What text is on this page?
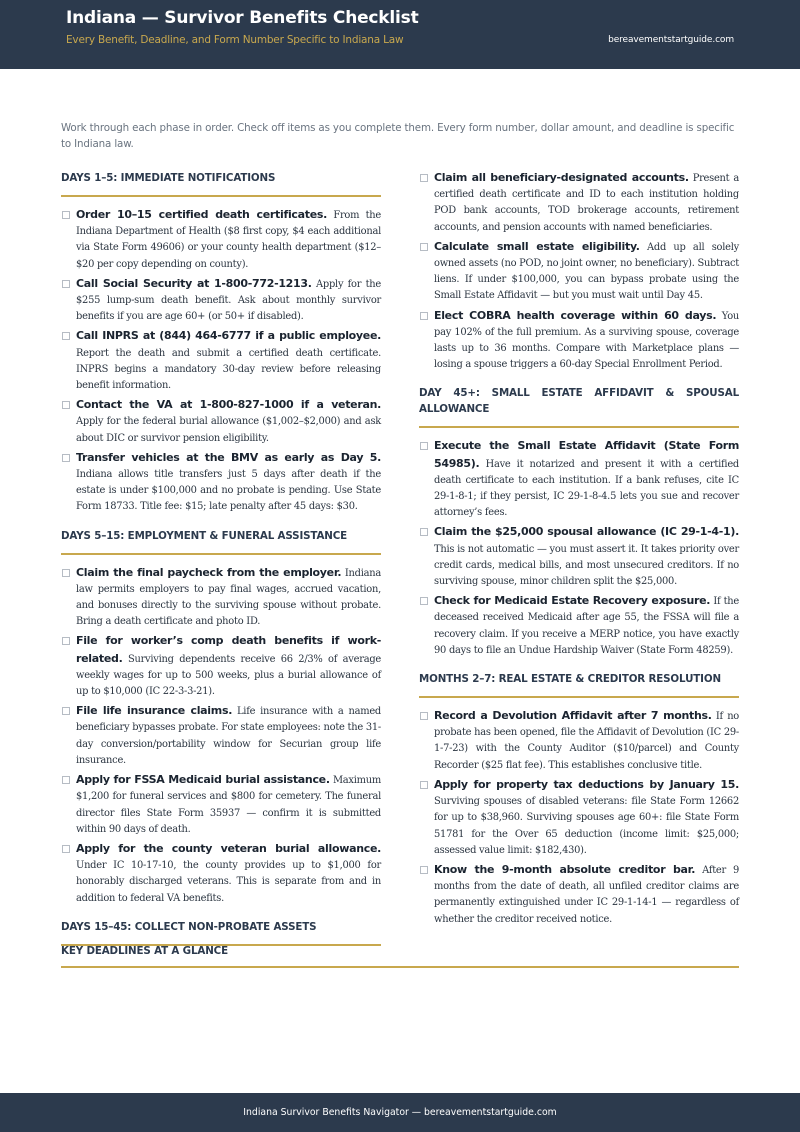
Indiana — Survivor Benefits Checklist
Every Benefit, Deadline, and Form Number Specific to Indiana Law	bereavementstartguide.com
Work through each phase in order. Check off items as you complete them. Every form number, dollar amount, and deadline is specific to Indiana law.
DAYS 1–5: IMMEDIATE NOTIFICATIONS
Order 10–15 certified death certificates. From the Indiana Department of Health ($8 first copy, $4 each additional via State Form 49606) or your county health department ($12–$20 per copy depending on county).
Call Social Security at 1-800-772-1213. Apply for the $255 lump-sum death benefit. Ask about monthly survivor benefits if you are age 60+ (or 50+ if disabled).
Call INPRS at (844) 464-6777 if a public employee. Report the death and submit a certified death certificate. INPRS begins a mandatory 30-day review before releasing benefit information.
Contact the VA at 1-800-827-1000 if a veteran. Apply for the federal burial allowance ($1,002–$2,000) and ask about DIC or survivor pension eligibility.
Transfer vehicles at the BMV as early as Day 5. Indiana allows title transfers just 5 days after death if the estate is under $100,000 and no probate is pending. Use State Form 18733. Title fee: $15; late penalty after 45 days: $30.
DAYS 5–15: EMPLOYMENT & FUNERAL ASSISTANCE
Claim the final paycheck from the employer. Indiana law permits employers to pay final wages, accrued vacation, and bonuses directly to the surviving spouse without probate. Bring a death certificate and photo ID.
File for worker’s comp death benefits if work-related. Surviving dependents receive 66 2/3% of average weekly wages for up to 500 weeks, plus a burial allowance of up to $10,000 (IC 22-3-3-21).
File life insurance claims. Life insurance with a named beneficiary bypasses probate. For state employees: note the 31-day conversion/portability window for Securian group life insurance.
Apply for FSSA Medicaid burial assistance. Maximum $1,200 for funeral services and $800 for cemetery. The funeral director files State Form 35937 — confirm it is submitted within 90 days of death.
Apply for the county veteran burial allowance. Under IC 10-17-10, the county provides up to $1,000 for honorably discharged veterans. This is separate from and in addition to federal VA benefits.
DAYS 15–45: COLLECT NON-PROBATE ASSETS
Claim all beneficiary-designated accounts. Present a certified death certificate and ID to each institution holding POD bank accounts, TOD brokerage accounts, retirement accounts, and pension accounts with named beneficiaries.
Calculate small estate eligibility. Add up all solely owned assets (no POD, no joint owner, no beneficiary). Subtract liens. If under $100,000, you can bypass probate using the Small Estate Affidavit — but you must wait until Day 45.
Elect COBRA health coverage within 60 days. You pay 102% of the full premium. As a surviving spouse, coverage lasts up to 36 months. Compare with Marketplace plans — losing a spouse triggers a 60-day Special Enrollment Period.
DAY 45+: SMALL ESTATE AFFIDAVIT & SPOUSAL ALLOWANCE
Execute the Small Estate Affidavit (State Form 54985). Have it notarized and present it with a certified death certificate to each institution. If a bank refuses, cite IC 29-1-8-1; if they persist, IC 29-1-8-4.5 lets you sue and recover attorney’s fees.
Claim the $25,000 spousal allowance (IC 29-1-4-1). This is not automatic — you must assert it. It takes priority over credit cards, medical bills, and most unsecured creditors. If no surviving spouse, minor children split the $25,000.
Check for Medicaid Estate Recovery exposure. If the deceased received Medicaid after age 55, the FSSA will file a recovery claim. If you receive a MERP notice, you have exactly 90 days to file an Undue Hardship Waiver (State Form 48259).
MONTHS 2–7: REAL ESTATE & CREDITOR RESOLUTION
Record a Devolution Affidavit after 7 months. If no probate has been opened, file the Affidavit of Devolution (IC 29-1-7-23) with the County Auditor ($10/parcel) and County Recorder ($25 flat fee). This establishes conclusive title.
Apply for property tax deductions by January 15. Surviving spouses of disabled veterans: file State Form 12662 for up to $38,960. Surviving spouses age 60+: file State Form 51781 for the Over 65 deduction (income limit: $25,000; assessed value limit: $182,430).
Know the 9-month absolute creditor bar. After 9 months from the date of death, all unfiled creditor claims are permanently extinguished under IC 29-1-14-1 — regardless of whether the creditor received notice.
KEY DEADLINES AT A GLANCE
Indiana Survivor Benefits Navigator — bereavementstartguide.com
